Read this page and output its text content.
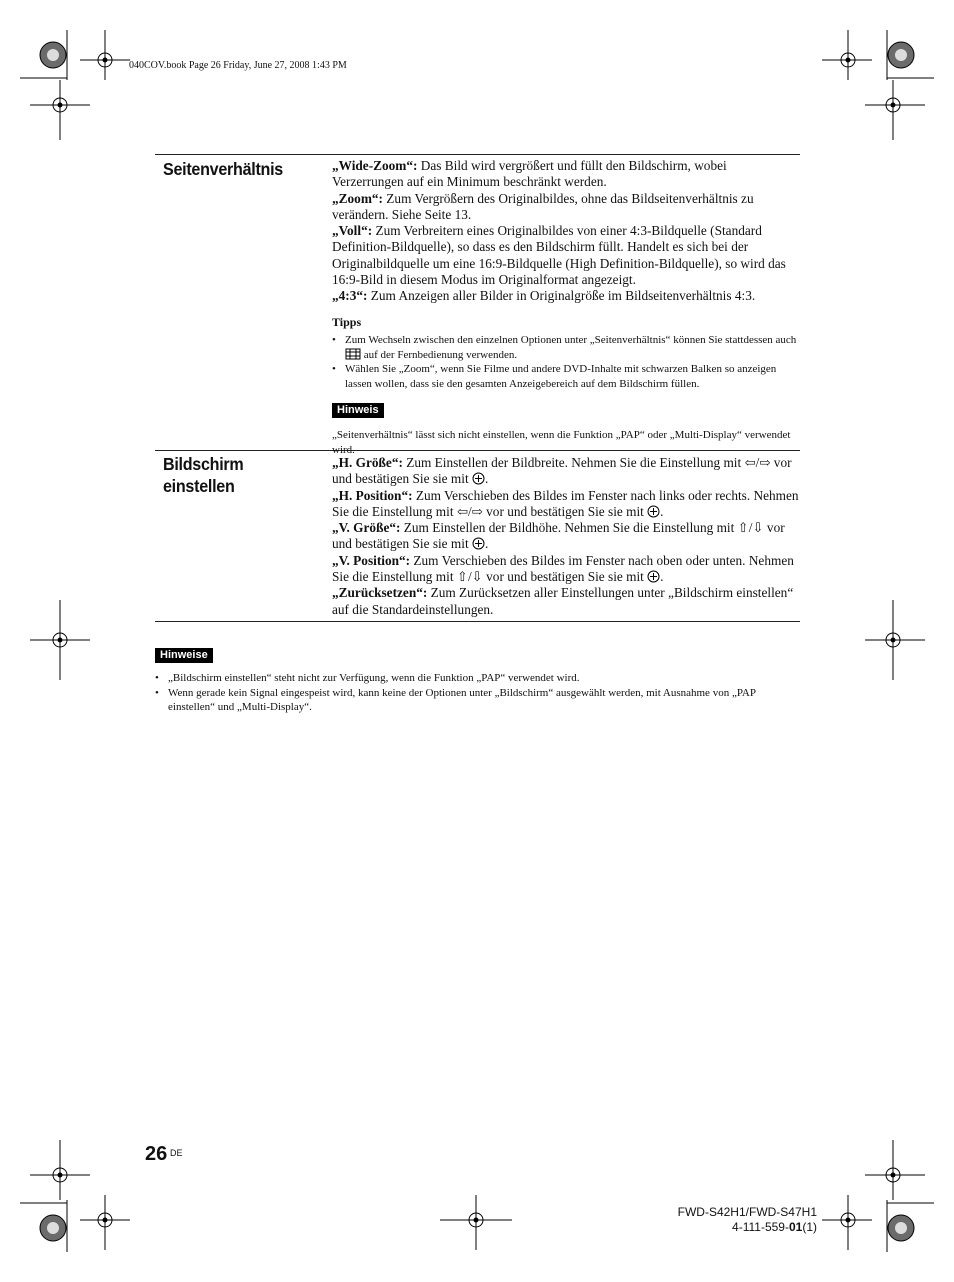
040COV.book Page 26 Friday, June 27, 2008 1:43 PM
Seitenverhältnis	„Wide-Zoom“: Das Bild wird vergrößert und füllt den Bildschirm, wobei Verzerrungen auf ein Minimum beschränkt werden.

„Zoom“: Zum Vergrößern des Originalbildes, ohne das Bildseitenverhältnis zu verändern. Siehe Seite 13.

„Voll“: Zum Verbreitern eines Originalbildes von einer 4:3-Bildquelle (Standard Definition-Bildquelle), so dass es den Bildschirm füllt. Handelt es sich bei der Originalbildquelle um eine 16:9-Bildquelle (High Definition-Bildquelle), so wird das 16:9-Bild in diesem Modus im Originalformat angezeigt.

„4:3“: Zum Anzeigen aller Bilder in Originalgröße im Bildseitenverhältnis 4:3.

Tipps

• Zum Wechseln zwischen den einzelnen Optionen unter „Seitenverhältnis“ können Sie stattdessen auch  auf der Fernbedienung verwenden.
• Wählen Sie „Zoom“, wenn Sie Filme und andere DVD-Inhalte mit schwarzen Balken so anzeigen lassen wollen, dass sie den gesamten Anzeigebereich auf dem Bildschirm füllen.
Hinweis

„Seitenverhältnis“ lässt sich nicht einstellen, wenn die Funktion „PAP“ oder „Multi-Display“ verwendet wird.

Bildschirm
einstellen

„H. Größe“: Zum Einstellen der Bildbreite. Nehmen Sie die Einstellung mit ⇦/⇨ vor und bestätigen Sie sie mit .

„H. Position“: Zum Verschieben des Bildes im Fenster nach links oder rechts. Nehmen Sie die Einstellung mit ⇦/⇨ vor und bestätigen Sie sie mit .

„V. Größe“: Zum Einstellen der Bildhöhe. Nehmen Sie die Einstellung mit ⇧/⇩ vor und bestätigen Sie sie mit .

„V. Position“: Zum Verschieben des Bildes im Fenster nach oben oder unten. Nehmen Sie die Einstellung mit ⇧/⇩ vor und bestätigen Sie sie mit .

„Zurücksetzen“: Zum Zurücksetzen aller Einstellungen unter „Bildschirm einstellen“ auf die Standardeinstellungen.

Hinweise
• „Bildschirm einstellen“ steht nicht zur Verfügung, wenn die Funktion „PAP“ verwendet wird.
• Wenn gerade kein Signal eingespeist wird, kann keine der Optionen unter „Bildschirm“ ausgewählt werden, mit Ausnahme von „PAP einstellen“ und „Multi-Display“.
26 DE
FWD-S42H1/FWD-S47H1
4-111-559-01(1)
